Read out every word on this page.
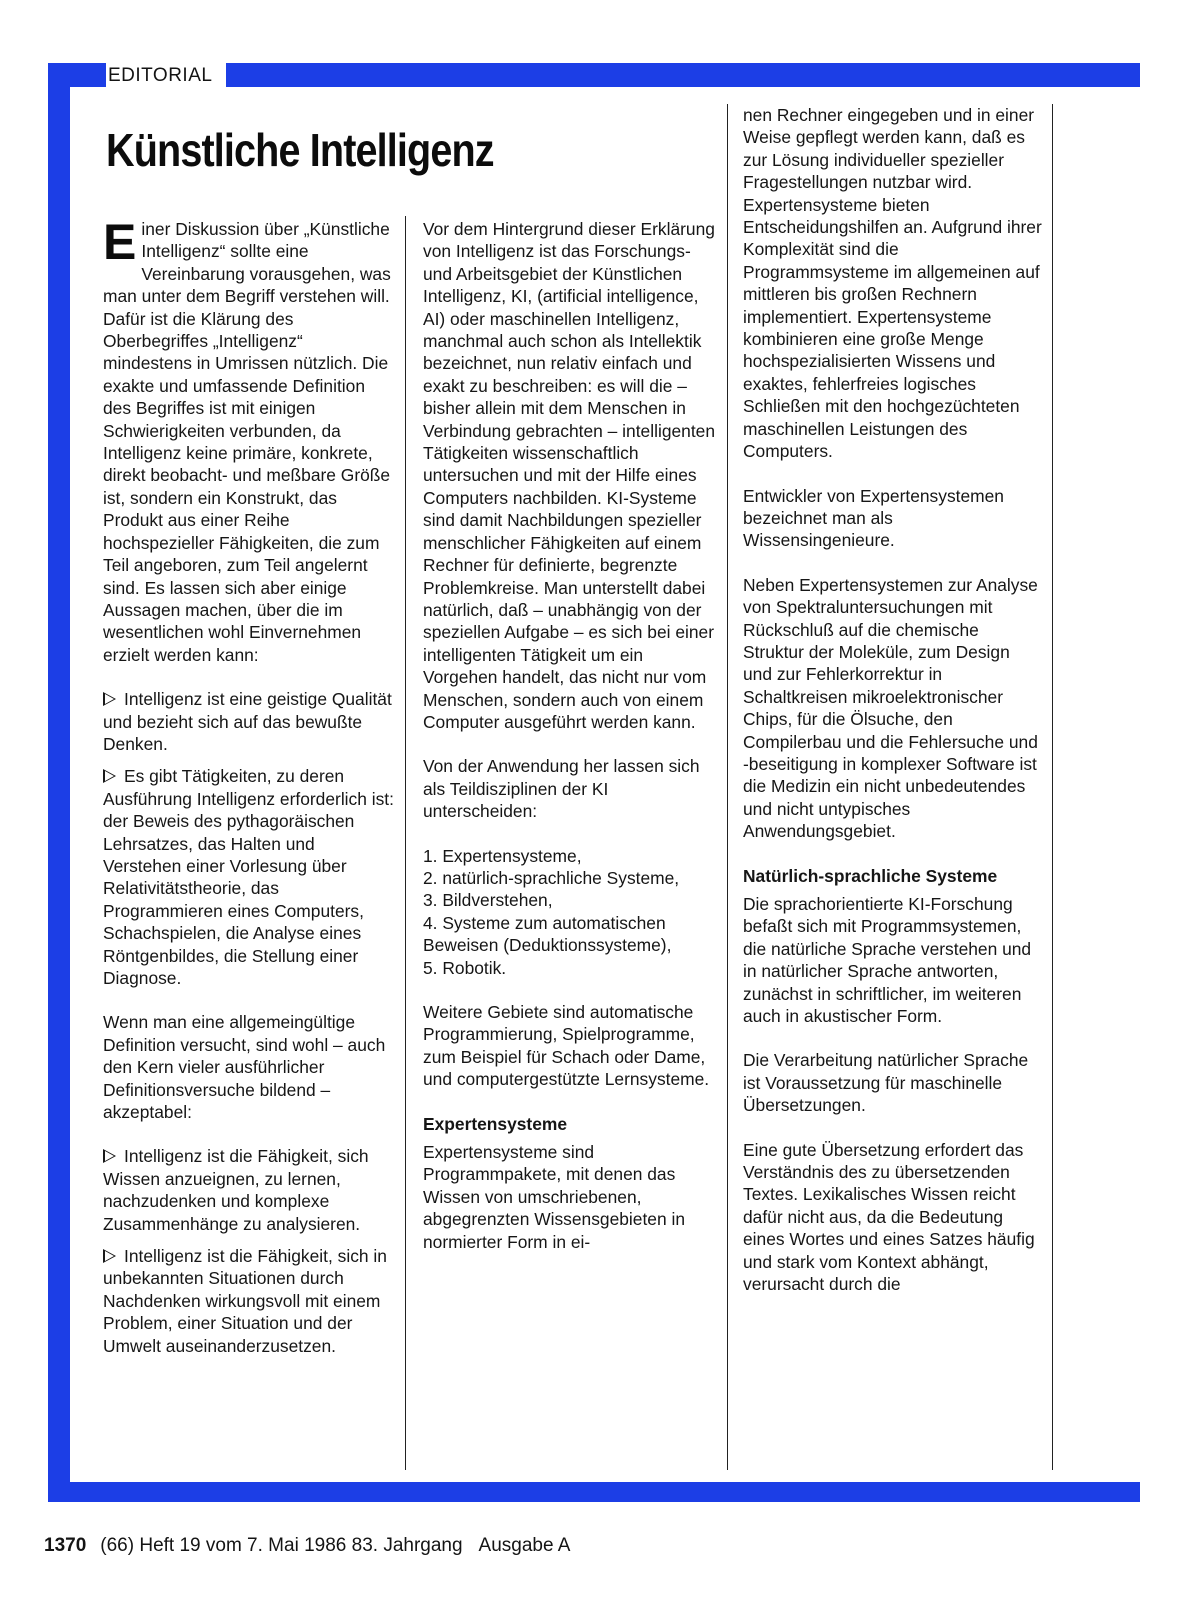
EDITORIAL
Künstliche Intelligenz

Einer Diskussion über „Künstliche Intelligenz“ sollte eine Vereinbarung vorausgehen, was man unter dem Begriff verstehen will. Dafür ist die Klärung des Oberbegriffes „Intelligenz“ mindestens in Umrissen nützlich. Die exakte und umfassende Definition des Begriffes ist mit einigen Schwierigkeiten verbunden, da Intelligenz keine primäre, konkrete, direkt beobacht- und meßbare Größe ist, sondern ein Konstrukt, das Produkt aus einer Reihe hochspezieller Fähigkeiten, die zum Teil angeboren, zum Teil angelernt sind. Es lassen sich aber einige Aussagen machen, über die im wesentlichen wohl Einvernehmen erzielt werden kann:

Intelligenz ist eine geistige Qualität und bezieht sich auf das bewußte Denken.

Es gibt Tätigkeiten, zu deren Ausführung Intelligenz erforderlich ist: der Beweis des pythagoräischen Lehrsatzes, das Halten und Verstehen einer Vorlesung über Relativitätstheorie, das Programmieren eines Computers, Schachspielen, die Analyse eines Röntgenbildes, die Stellung einer Diagnose.

Wenn man eine allgemeingültige Definition versucht, sind wohl – auch den Kern vieler ausführlicher Definitionsversuche bildend – akzeptabel:

Intelligenz ist die Fähigkeit, sich Wissen anzueignen, zu lernen, nachzudenken und komplexe Zusammenhänge zu analysieren.

Intelligenz ist die Fähigkeit, sich in unbekannten Situationen durch Nachdenken wirkungsvoll mit einem Problem, einer Situation und der Umwelt auseinanderzusetzen.

Vor dem Hintergrund dieser Erklärung von Intelligenz ist das Forschungs- und Arbeitsgebiet der Künstlichen Intelligenz, KI, (artificial intelligence, AI) oder maschinellen Intelligenz, manchmal auch schon als Intellektik bezeichnet, nun relativ einfach und exakt zu beschreiben: es will die – bisher allein mit dem Menschen in Verbindung gebrachten – intelligenten Tätigkeiten wissenschaftlich untersuchen und mit der Hilfe eines Computers nachbilden. KI-Systeme sind damit Nachbildungen spezieller menschlicher Fähigkeiten auf einem Rechner für definierte, begrenzte Problemkreise. Man unterstellt dabei natürlich, daß – unabhängig von der speziellen Aufgabe – es sich bei einer intelligenten Tätigkeit um ein Vorgehen handelt, das nicht nur vom Menschen, sondern auch von einem Computer ausgeführt werden kann.

Von der Anwendung her lassen sich als Teildisziplinen der KI unterscheiden:

1. Expertensysteme,
2. natürlich-sprachliche Systeme,
3. Bildverstehen,
4. Systeme zum automatischen Beweisen (Deduktionssysteme),
5. Robotik.

Weitere Gebiete sind automatische Programmierung, Spielprogramme, zum Beispiel für Schach oder Dame, und computergestützte Lernsysteme.

Expertensysteme

Expertensysteme sind Programmpakete, mit denen das Wissen von umschriebenen, abgegrenzten Wissensgebieten in normierter Form in ei-

nen Rechner eingegeben und in einer Weise gepflegt werden kann, daß es zur Lösung individueller spezieller Fragestellungen nutzbar wird. Expertensysteme bieten Entscheidungshilfen an. Aufgrund ihrer Komplexität sind die Programmsysteme im allgemeinen auf mittleren bis großen Rechnern implementiert. Expertensysteme kombinieren eine große Menge hochspezialisierten Wissens und exaktes, fehlerfreies logisches Schließen mit den hochgezüchteten maschinellen Leistungen des Computers.

Entwickler von Expertensystemen bezeichnet man als Wissensingenieure.

Neben Expertensystemen zur Analyse von Spektraluntersuchungen mit Rückschluß auf die chemische Struktur der Moleküle, zum Design und zur Fehlerkorrektur in Schaltkreisen mikroelektronischer Chips, für die Ölsuche, den Compilerbau und die Fehlersuche und -beseitigung in komplexer Software ist die Medizin ein nicht unbedeutendes und nicht untypisches Anwendungsgebiet.

Natürlich-sprachliche Systeme

Die sprachorientierte KI-Forschung befaßt sich mit Programmsystemen, die natürliche Sprache verstehen und in natürlicher Sprache antworten, zunächst in schriftlicher, im weiteren auch in akustischer Form.

Die Verarbeitung natürlicher Sprache ist Voraussetzung für maschinelle Übersetzungen.

Eine gute Übersetzung erfordert das Verständnis des zu übersetzenden Textes. Lexikalisches Wissen reicht dafür nicht aus, da die Bedeutung eines Wortes und eines Satzes häufig und stark vom Kontext abhängt, verursacht durch die

1370 (66) Heft 19 vom 7. Mai 1986 83. Jahrgang Ausgabe A
